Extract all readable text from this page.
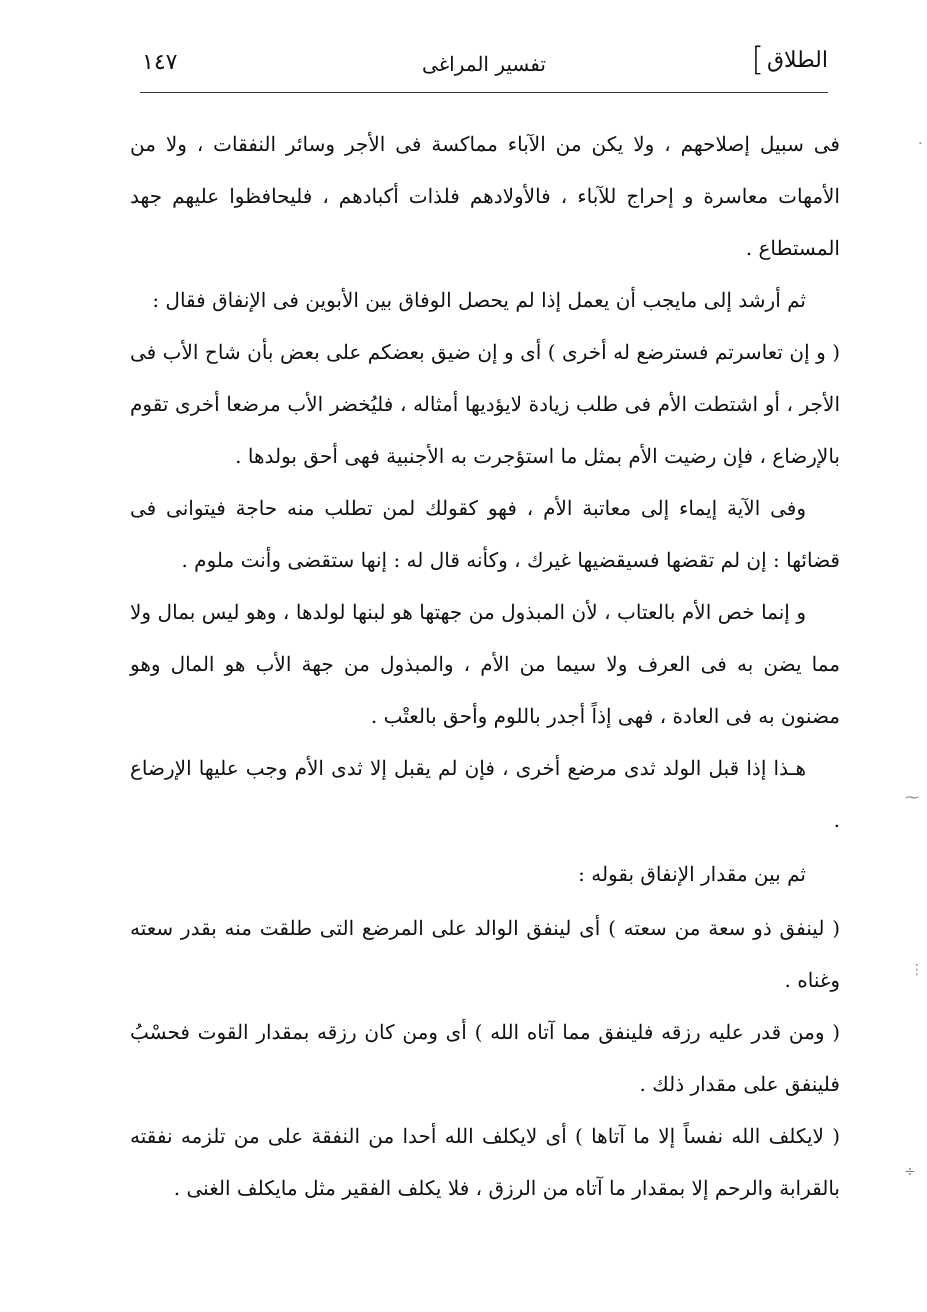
الطلاق
]
تفسير المراغى
١٤٧

فى سبيل إصلاحهم ، ولا يكن من الآباء مماكسة فى الأجر وسائر النفقات ، ولا من الأمهات معاسرة و إحراج للآباء ، فالأولادهم فلذات أكبادهم ، فليحافظوا عليهم جهد المستطاع .

ثم أرشد إلى مايجب أن يعمل إذا لم يحصل الوفاق بين الأبوين فى الإنفاق فقال :

( و إن تعاسرتم فسترضع له أخرى ) أى و إن ضيق بعضكم على بعض بأن شاح الأب فى الأجر ، أو اشتطت الأم فى طلب زيادة لايؤديها أمثاله ، فليُخضر الأب مرضعا أخرى تقوم بالإرضاع ، فإن رضيت الأم بمثل ما استؤجرت به الأجنبية فهى أحق بولدها .

وفى الآية إيماء إلى معاتبة الأم ، فهو كقولك لمن تطلب منه حاجة فيتوانى فى قضائها : إن لم تقضها فسيقضيها غيرك ، وكأنه قال له : إنها ستقضى وأنت ملوم .

و إنما خص الأم بالعتاب ، لأن المبذول من جهتها هو لبنها لولدها ، وهو ليس بمال ولا مما يضن به فى العرف ولا سيما من الأم ، والمبذول من جهة الأب هو المال وهو مضنون به فى العادة ، فهى إذاً أجدر باللوم وأحق بالعتْب .

هـذا إذا قبل الولد ثدى مرضع أخرى ، فإن لم يقبل إلا ثدى الأم وجب عليها الإرضاع .

ثم بين مقدار الإنفاق بقوله :

( لينفق ذو سعة من سعته ) أى لينفق الوالد على المرضع التى طلقت منه بقدر سعته وغناه .

( ومن قدر عليه رزقه فلينفق مما آتاه الله ) أى ومن كان رزقه بمقدار القوت فحسْبُ فلينفق على مقدار ذلك .

( لايكلف الله نفساً إلا ما آتاها ) أى لايكلف الله أحدا من النفقة على من تلزمه نفقته بالقرابة والرحم إلا بمقدار ما آتاه من الرزق ، فلا يكلف الفقير مثل مايكلف الغنى .

·
⁓
⋮
÷
